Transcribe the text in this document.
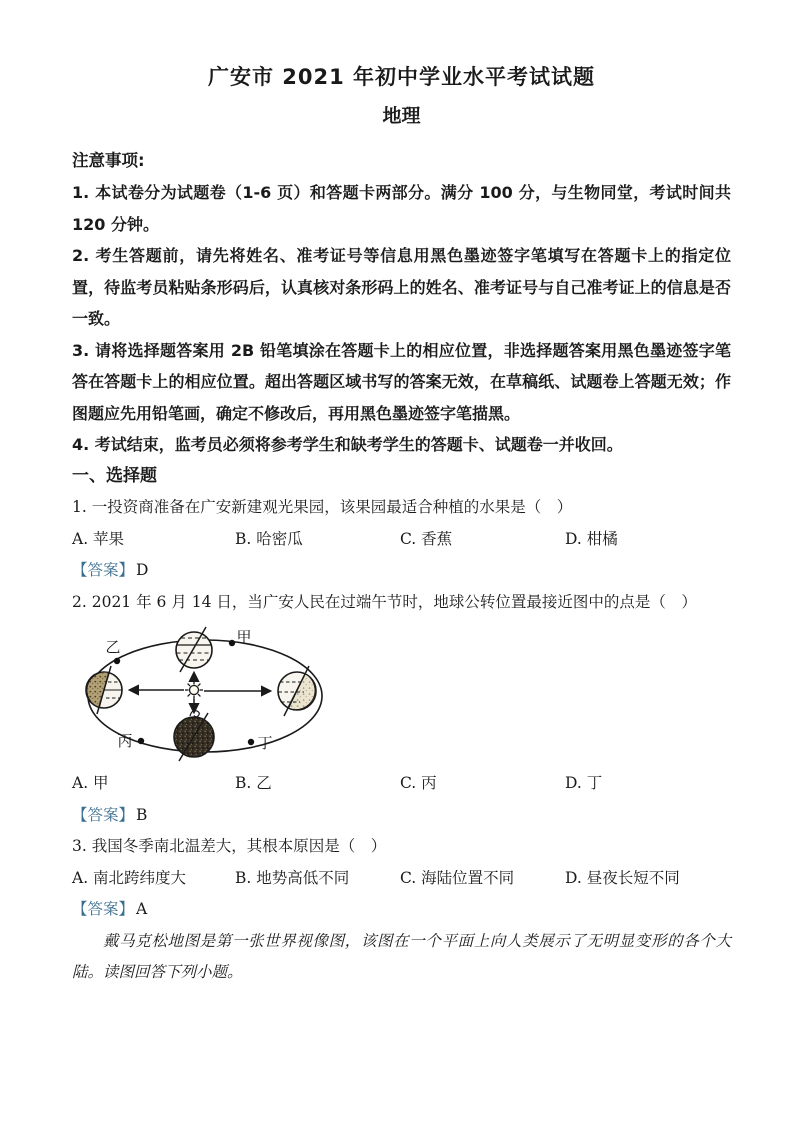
广安市 2021 年初中学业水平考试试题
地理
注意事项:

1. 本试卷分为试题卷（1-6 页）和答题卡两部分。满分 100 分，与生物同堂，考试时间共 120 分钟。

2. 考生答题前，请先将姓名、准考证号等信息用黑色墨迹签字笔填写在答题卡上的指定位置，待监考员粘贴条形码后，认真核对条形码上的姓名、准考证号与自己准考证上的信息是否一致。

3. 请将选择题答案用 2B 铅笔填涂在答题卡上的相应位置，非选择题答案用黑色墨迹签字笔答在答题卡上的相应位置。超出答题区域书写的答案无效，在草稿纸、试题卷上答题无效；作图题应先用铅笔画，确定不修改后，再用黑色墨迹签字笔描黑。

4. 考试结束，监考员必须将参考学生和缺考学生的答题卡、试题卷一并收回。

一、选择题
1. 一投资商准备在广安新建观光果园，该果园最适合种植的水果是（　）
A. 苹果	B. 哈密瓜	C. 香蕉	D. 柑橘
【答案】 D
2. 2021 年 6 月 14 日，当广安人民在过端午节时，地球公转位置最接近图中的点是（　）
甲
乙
丙	丁
A. 甲	B. 乙	C. 丙	D. 丁
【答案】 B
3. 我国冬季南北温差大，其根本原因是（　）
A. 南北跨纬度大	B. 地势高低不同	C. 海陆位置不同	D. 昼夜长短不同
【答案】 A

戴马克松地图是第一张世界视像图，该图在一个平面上向人类展示了无明显变形的各个大陆。读图回答下列小题。
